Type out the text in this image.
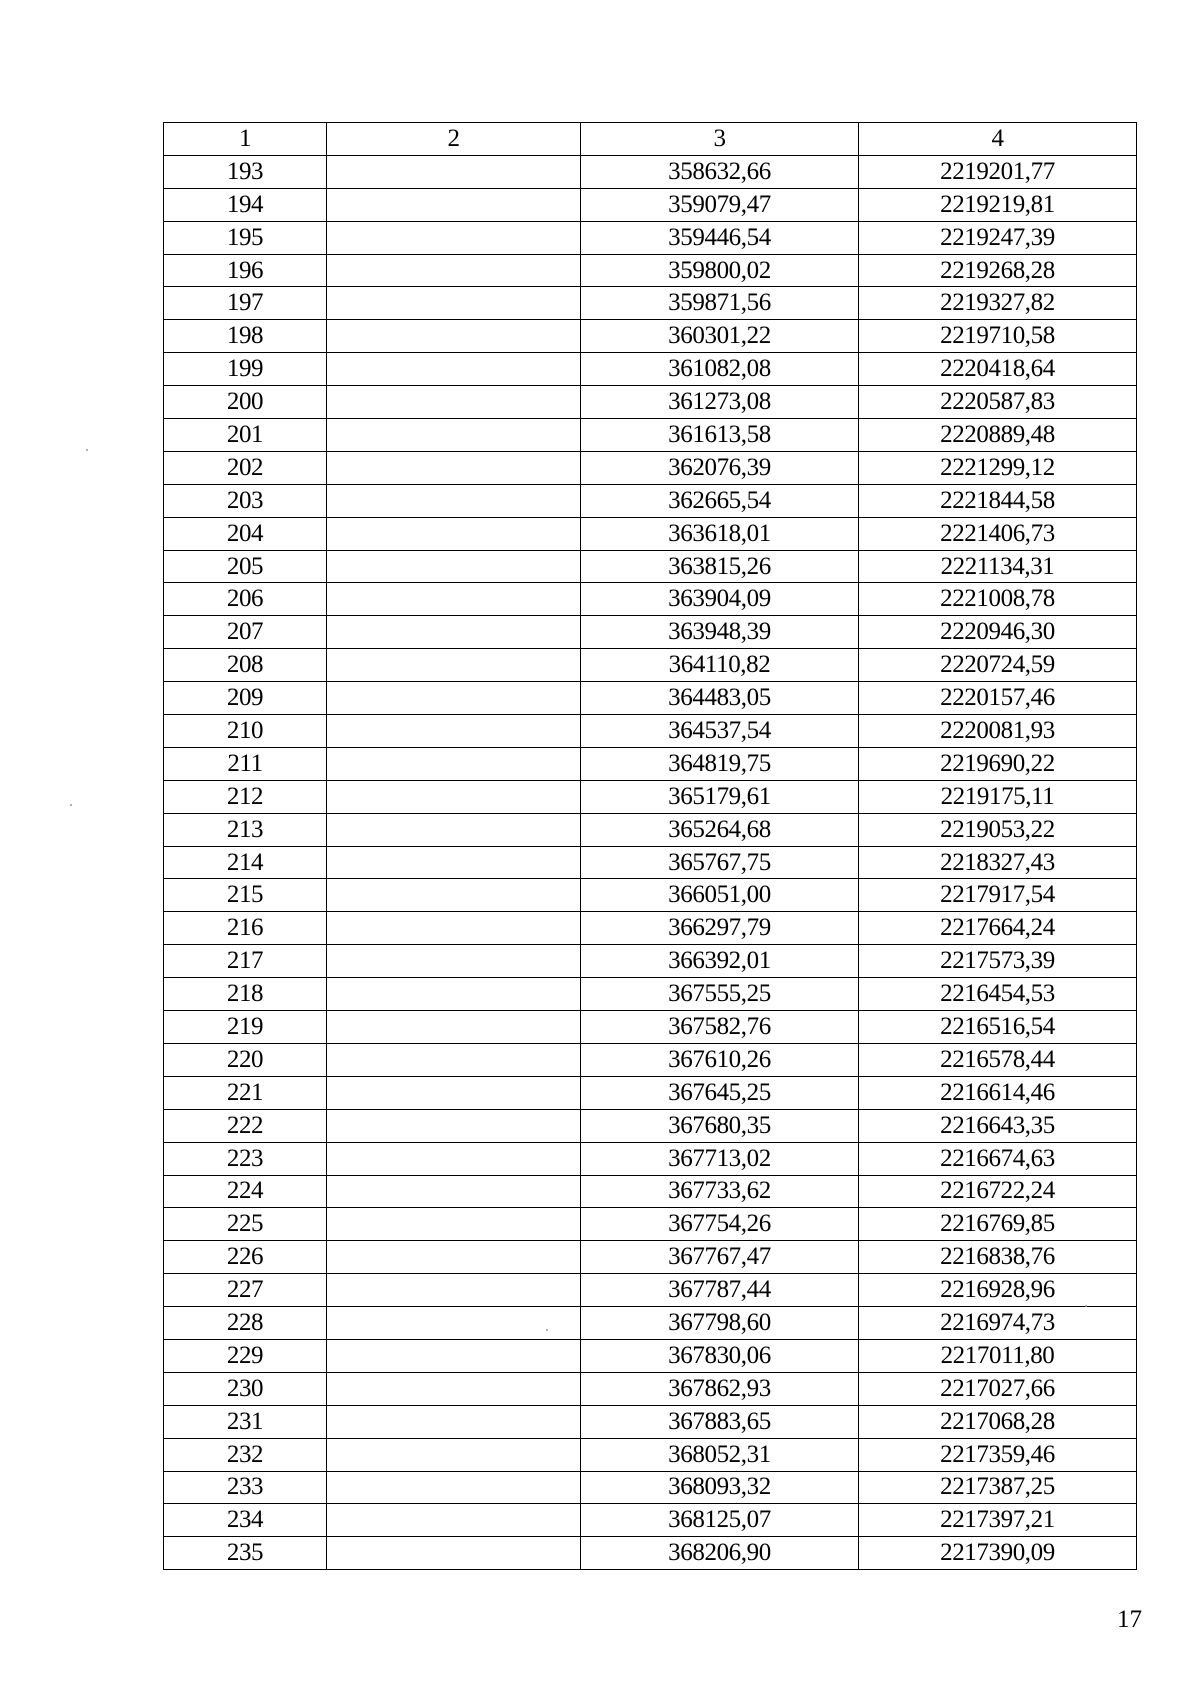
1	2	3	4
193		358632,66	2219201,77
194		359079,47	2219219,81
195		359446,54	2219247,39
196		359800,02	2219268,28
197		359871,56	2219327,82
198		360301,22	2219710,58
199		361082,08	2220418,64
200		361273,08	2220587,83
201		361613,58	2220889,48
202		362076,39	2221299,12
203		362665,54	2221844,58
204		363618,01	2221406,73
205		363815,26	2221134,31
206		363904,09	2221008,78
207		363948,39	2220946,30
208		364110,82	2220724,59
209		364483,05	2220157,46
210		364537,54	2220081,93
211		364819,75	2219690,22
212		365179,61	2219175,11
213		365264,68	2219053,22
214		365767,75	2218327,43
215		366051,00	2217917,54
216		366297,79	2217664,24
217		366392,01	2217573,39
218		367555,25	2216454,53
219		367582,76	2216516,54
220		367610,26	2216578,44
221		367645,25	2216614,46
222		367680,35	2216643,35
223		367713,02	2216674,63
224		367733,62	2216722,24
225		367754,26	2216769,85
226		367767,47	2216838,76
227		367787,44	2216928,96
228		367798,60	2216974,73
229		367830,06	2217011,80
230		367862,93	2217027,66
231		367883,65	2217068,28
232		368052,31	2217359,46
233		368093,32	2217387,25
234		368125,07	2217397,21
235		368206,90	2217390,09
17
